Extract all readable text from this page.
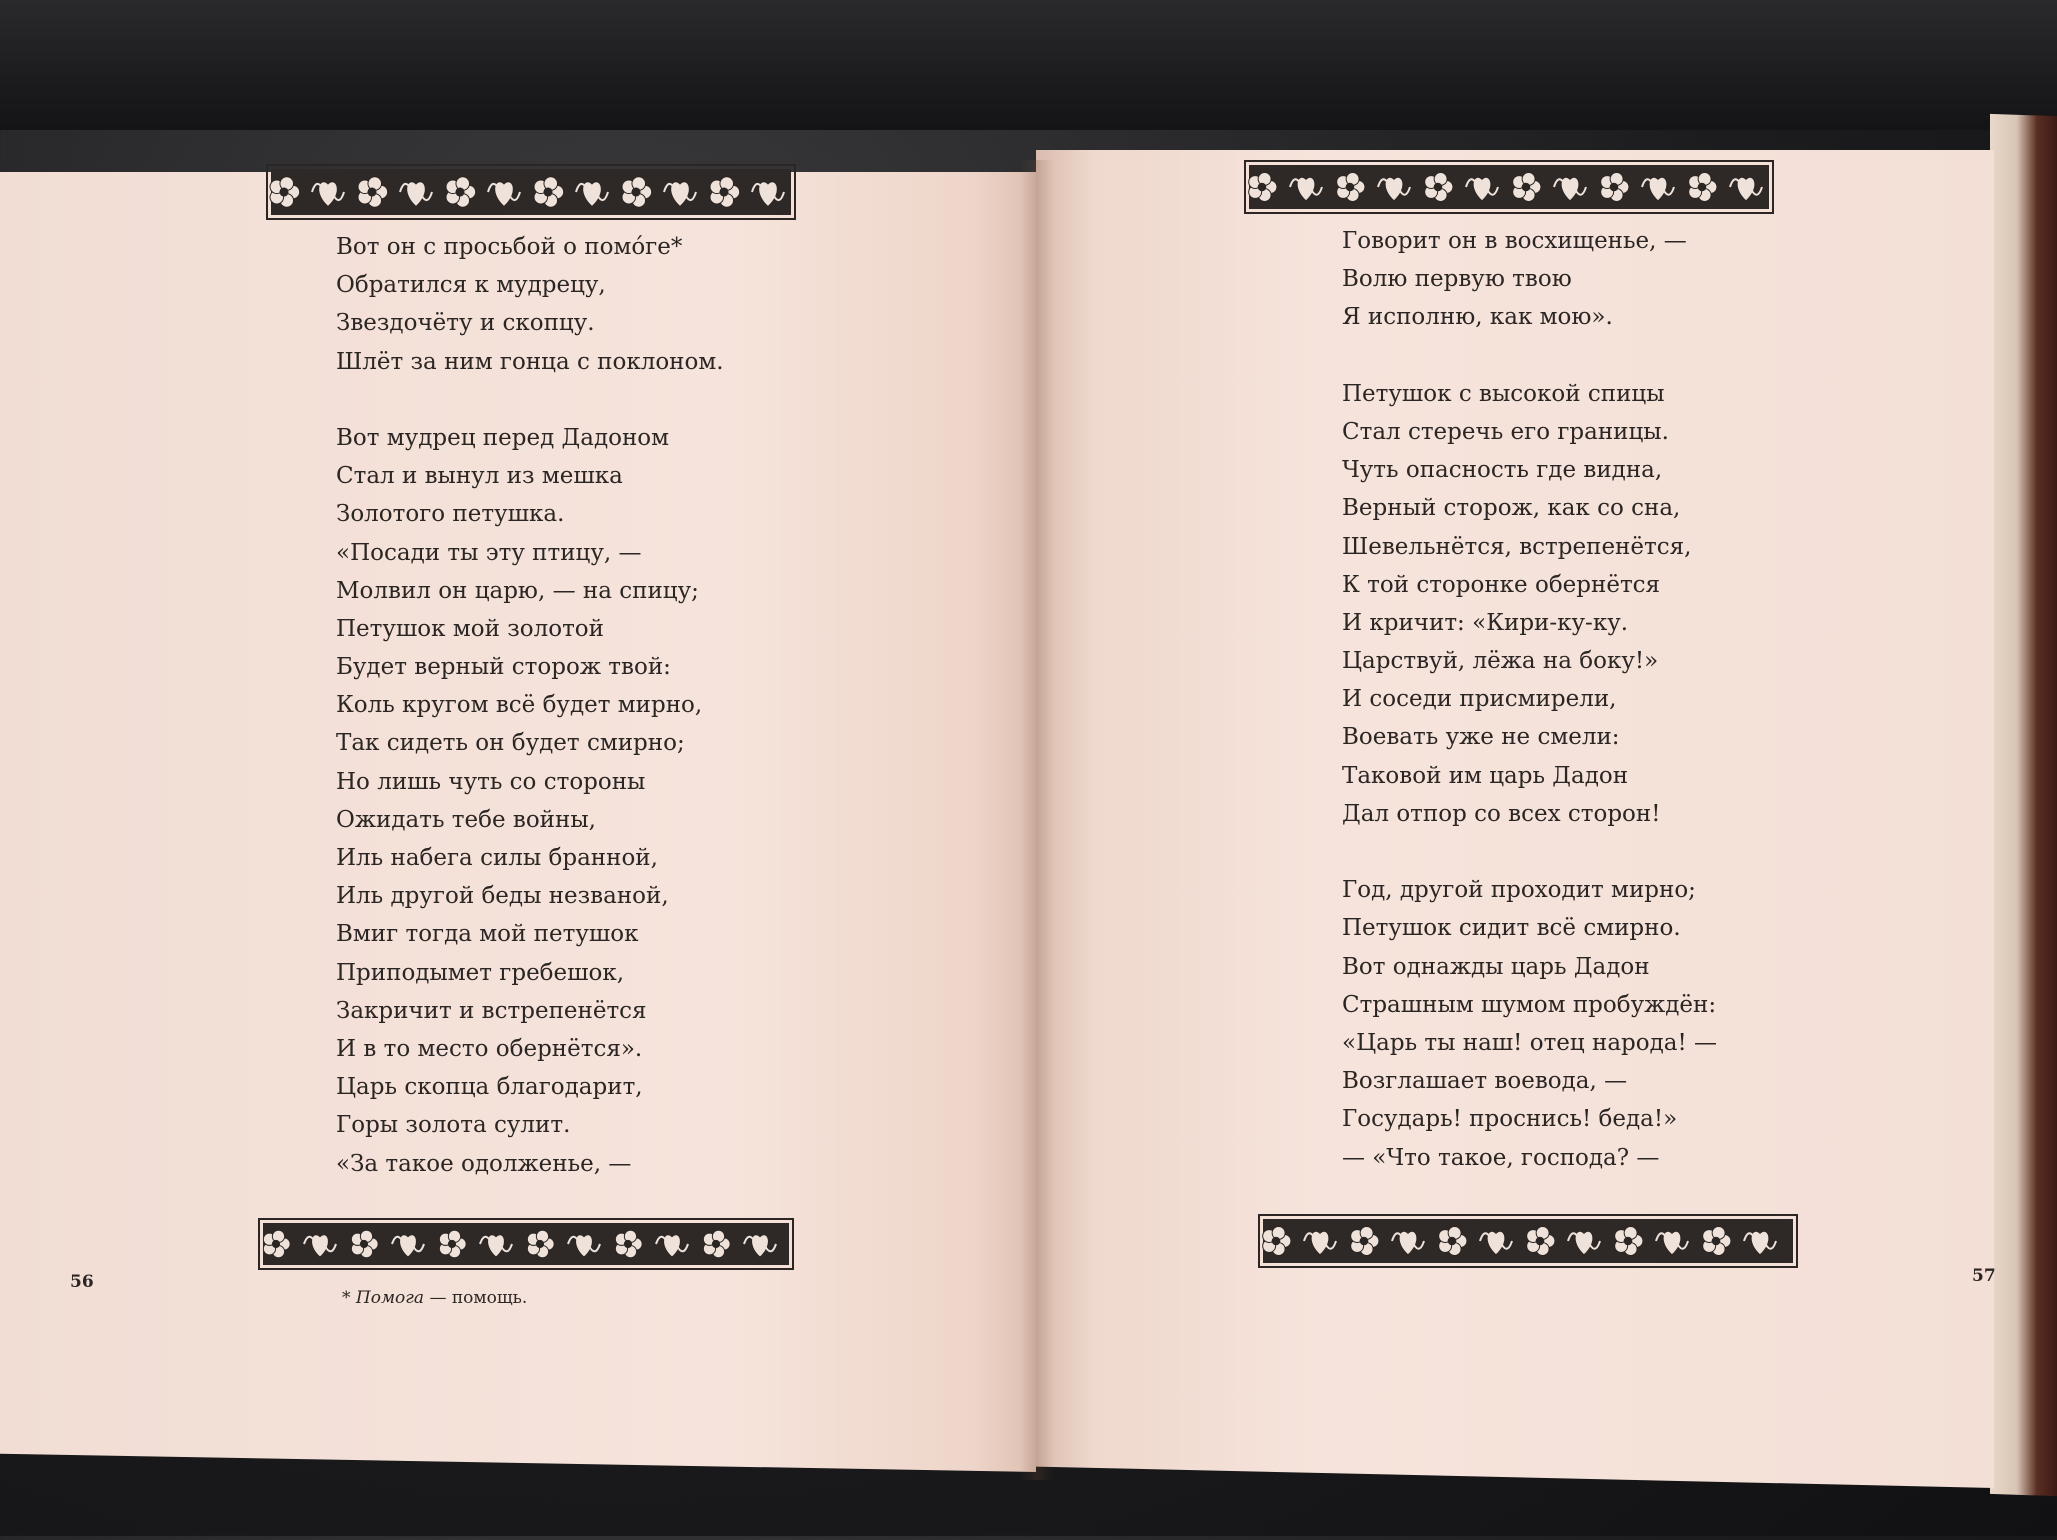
Вот он с просьбой о помóге*
Обратился к мудрецу,
Звездочёту и скопцу.
Шлёт за ним гонца с поклоном.
Вот мудрец перед Дадоном
Стал и вынул из мешка
Золотого петушка.
«Посади ты эту птицу, —
Молвил он царю, — на спицу;
Петушок мой золотой
Будет верный сторож твой:
Коль кругом всё будет мирно,
Так сидеть он будет смирно;
Но лишь чуть со стороны
Ожидать тебе войны,
Иль набега силы бранной,
Иль другой беды незваной,
Вмиг тогда мой петушок
Приподымет гребешок,
Закричит и встрепенётся
И в то место обернётся».
Царь скопца благодарит,
Горы золота сулит.
«За такое одолженье, —
Говорит он в восхищенье, —
Волю первую твою
Я исполню, как мою».
Петушок с высокой спицы
Стал стеречь его границы.
Чуть опасность где видна,
Верный сторож, как со сна,
Шевельнётся, встрепенётся,
К той сторонке обернётся
И кричит: «Кири-ку-ку.
Царствуй, лёжа на боку!»
И соседи присмирели,
Воевать уже не смели:
Таковой им царь Дадон
Дал отпор со всех сторон!
Год, другой проходит мирно;
Петушок сидит всё смирно.
Вот однажды царь Дадон
Страшным шумом пробуждён:
«Царь ты наш! отец народа! —
Возглашает воевода, —
Государь! проснись! беда!»
— «Что такое, господа? —
56	57
* Помога — помощь.
